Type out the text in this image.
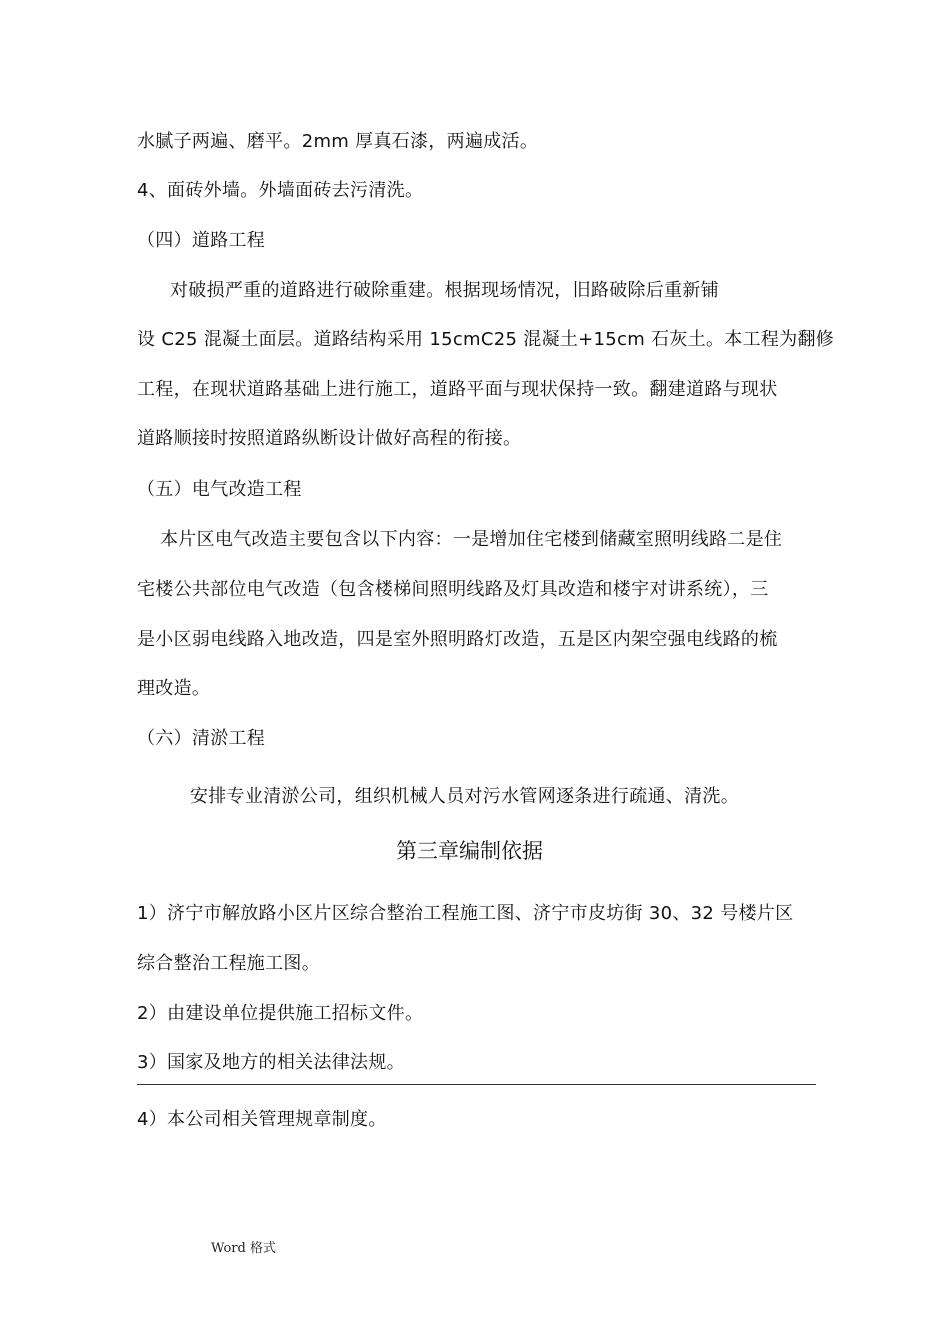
水腻子两遍、磨平。2mm 厚真石漆，两遍成活。
4、面砖外墙。外墙面砖去污清洗。
（四）道路工程
对破损严重的道路进行破除重建。根据现场情况，旧路破除后重新铺
设 C25 混凝土面层。道路结构采用 15cmC25 混凝土+15cm 石灰土。本工程为翻修
工程，在现状道路基础上进行施工，道路平面与现状保持一致。翻建道路与现状
道路顺接时按照道路纵断设计做好高程的衔接。
（五）电气改造工程
本片区电气改造主要包含以下内容：一是增加住宅楼到储藏室照明线路二是住
宅楼公共部位电气改造（包含楼梯间照明线路及灯具改造和楼宇对讲系统），三
是小区弱电线路入地改造，四是室外照明路灯改造，五是区内架空强电线路的梳
理改造。
（六）清淤工程
安排专业清淤公司，组织机械人员对污水管网逐条进行疏通、清洗。
第三章编制依据
1）济宁市解放路小区片区综合整治工程施工图、济宁市皮坊街 30、32 号楼片区
综合整治工程施工图。
2）由建设单位提供施工招标文件。
3）国家及地方的相关法律法规。
4）本公司相关管理规章制度。
Word 格式
